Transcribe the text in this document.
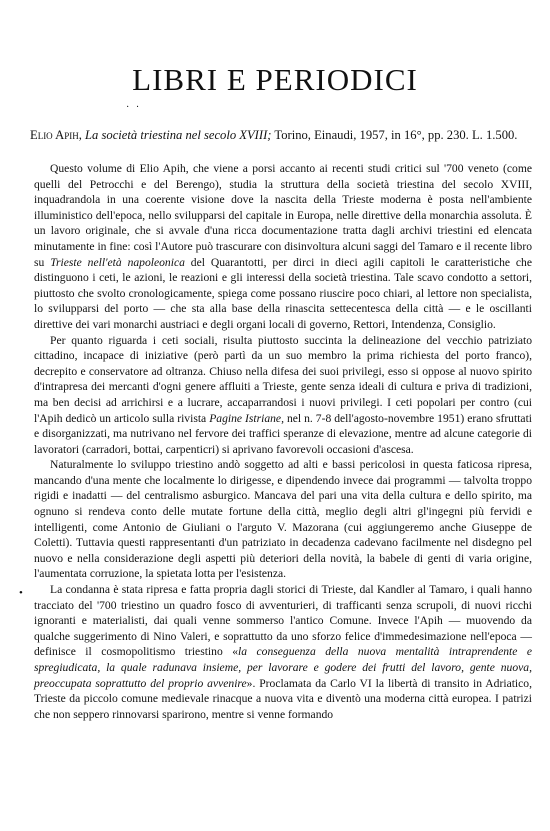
LIBRI E PERIODICI
· ·
Elio Apih, La società triestina nel secolo XVIII; Torino, Einaudi, 1957, in 16°, pp. 230. L. 1.500.

Questo volume di Elio Apih, che viene a porsi accanto ai recenti studi critici sul '700 veneto (come quelli del Petrocchi e del Berengo), studia la struttura della società triestina del secolo XVIII, inquadrandola in una coerente visione dove la nascita della Trieste moderna è posta nell'ambiente illuministico dell'epoca, nello svilupparsi del capitale in Europa, nelle direttive della monarchia assoluta. È un lavoro originale, che si avvale d'una ricca documentazione tratta dagli archivi triestini ed elencata minutamente in fine: così l'Autore può trascurare con disinvoltura alcuni saggi del Tamaro e il recente libro su Trieste nell'età napoleonica del Quarantotti, per dirci in dieci agili capitoli le caratteristiche che distinguono i ceti, le azioni, le reazioni e gli interessi della società triestina. Tale scavo condotto a settori, piuttosto che svolto cronologicamente, spiega come possano riuscire poco chiari, al lettore non specialista, lo svilupparsi del porto — che sta alla base della rinascita settecentesca della città — e le oscillanti direttive dei vari monarchi austriaci e degli organi locali di governo, Rettori, Intendenza, Consiglio.

Per quanto riguarda i ceti sociali, risulta piuttosto succinta la delineazione del vecchio patriziato cittadino, incapace di iniziative (però partì da un suo membro la prima richiesta del porto franco), decrepito e conservatore ad oltranza. Chiuso nella difesa dei suoi privilegi, esso si oppose al nuovo spirito d'intrapresa dei mercanti d'ogni genere affluiti a Trieste, gente senza ideali di cultura e priva di tradizioni, ma ben decisi ad arrichirsi e a lucrare, accaparrandosi i nuovi privilegi. I ceti popolari per contro (cui l'Apih dedicò un articolo sulla rivista Pagine Istriane, nel n. 7-8 dell'agosto-novembre 1951) erano sfruttati e disorganizzati, ma nutrivano nel fervore dei traffici speranze di elevazione, mentre ad alcune categorie di lavoratori (carradori, bottai, carpenticri) si aprivano favorevoli occasioni d'ascesa.

Naturalmente lo sviluppo triestino andò soggetto ad alti e bassi pericolosi in questa faticosa ripresa, mancando d'una mente che localmente lo dirigesse, e dipendendo invece dai programmi — talvolta troppo rigidi e inadatti — del centralismo asburgico. Mancava del pari una vita della cultura e dello spirito, ma ognuno si rendeva conto delle mutate fortune della città, meglio degli altri gl'ingegni più fervidi e intelligenti, come Antonio de Giuliani o l'arguto V. Mazorana (cui aggiungeremo anche Giuseppe de Coletti). Tuttavia questi rappresentanti d'un patriziato in decadenza cadevano facilmente nel disdegno pel nuovo e nella considerazione degli aspetti più deteriori della novità, la babele di genti di varia origine, l'aumentata corruzione, la spietata lotta per l'esistenza.

La condanna è stata ripresa e fatta propria dagli storici di Trieste, dal Kandler al Tamaro, i quali hanno tracciato del '700 triestino un quadro fosco di avventurieri, di trafficanti senza scrupoli, di nuovi ricchi ignoranti e materialisti, dai quali venne sommerso l'antico Comune. Invece l'Apih — muovendo da qualche suggerimento di Nino Valeri, e soprattutto da uno sforzo felice d'immedesimazione nell'epoca — definisce il cosmopolitismo triestino «la conseguenza della nuova mentalità intraprendente e spregiudicata, la quale radunava insieme, per lavorare e godere dei frutti del lavoro, gente nuova, preoccupata soprattutto del proprio avvenire». Proclamata da Carlo VI la libertà di transito in Adriatico, Trieste da piccolo comune medievale rinacque a nuova vita e diventò una moderna città europea. I patrizi che non seppero rinnovarsi sparirono, mentre si venne formando

•
